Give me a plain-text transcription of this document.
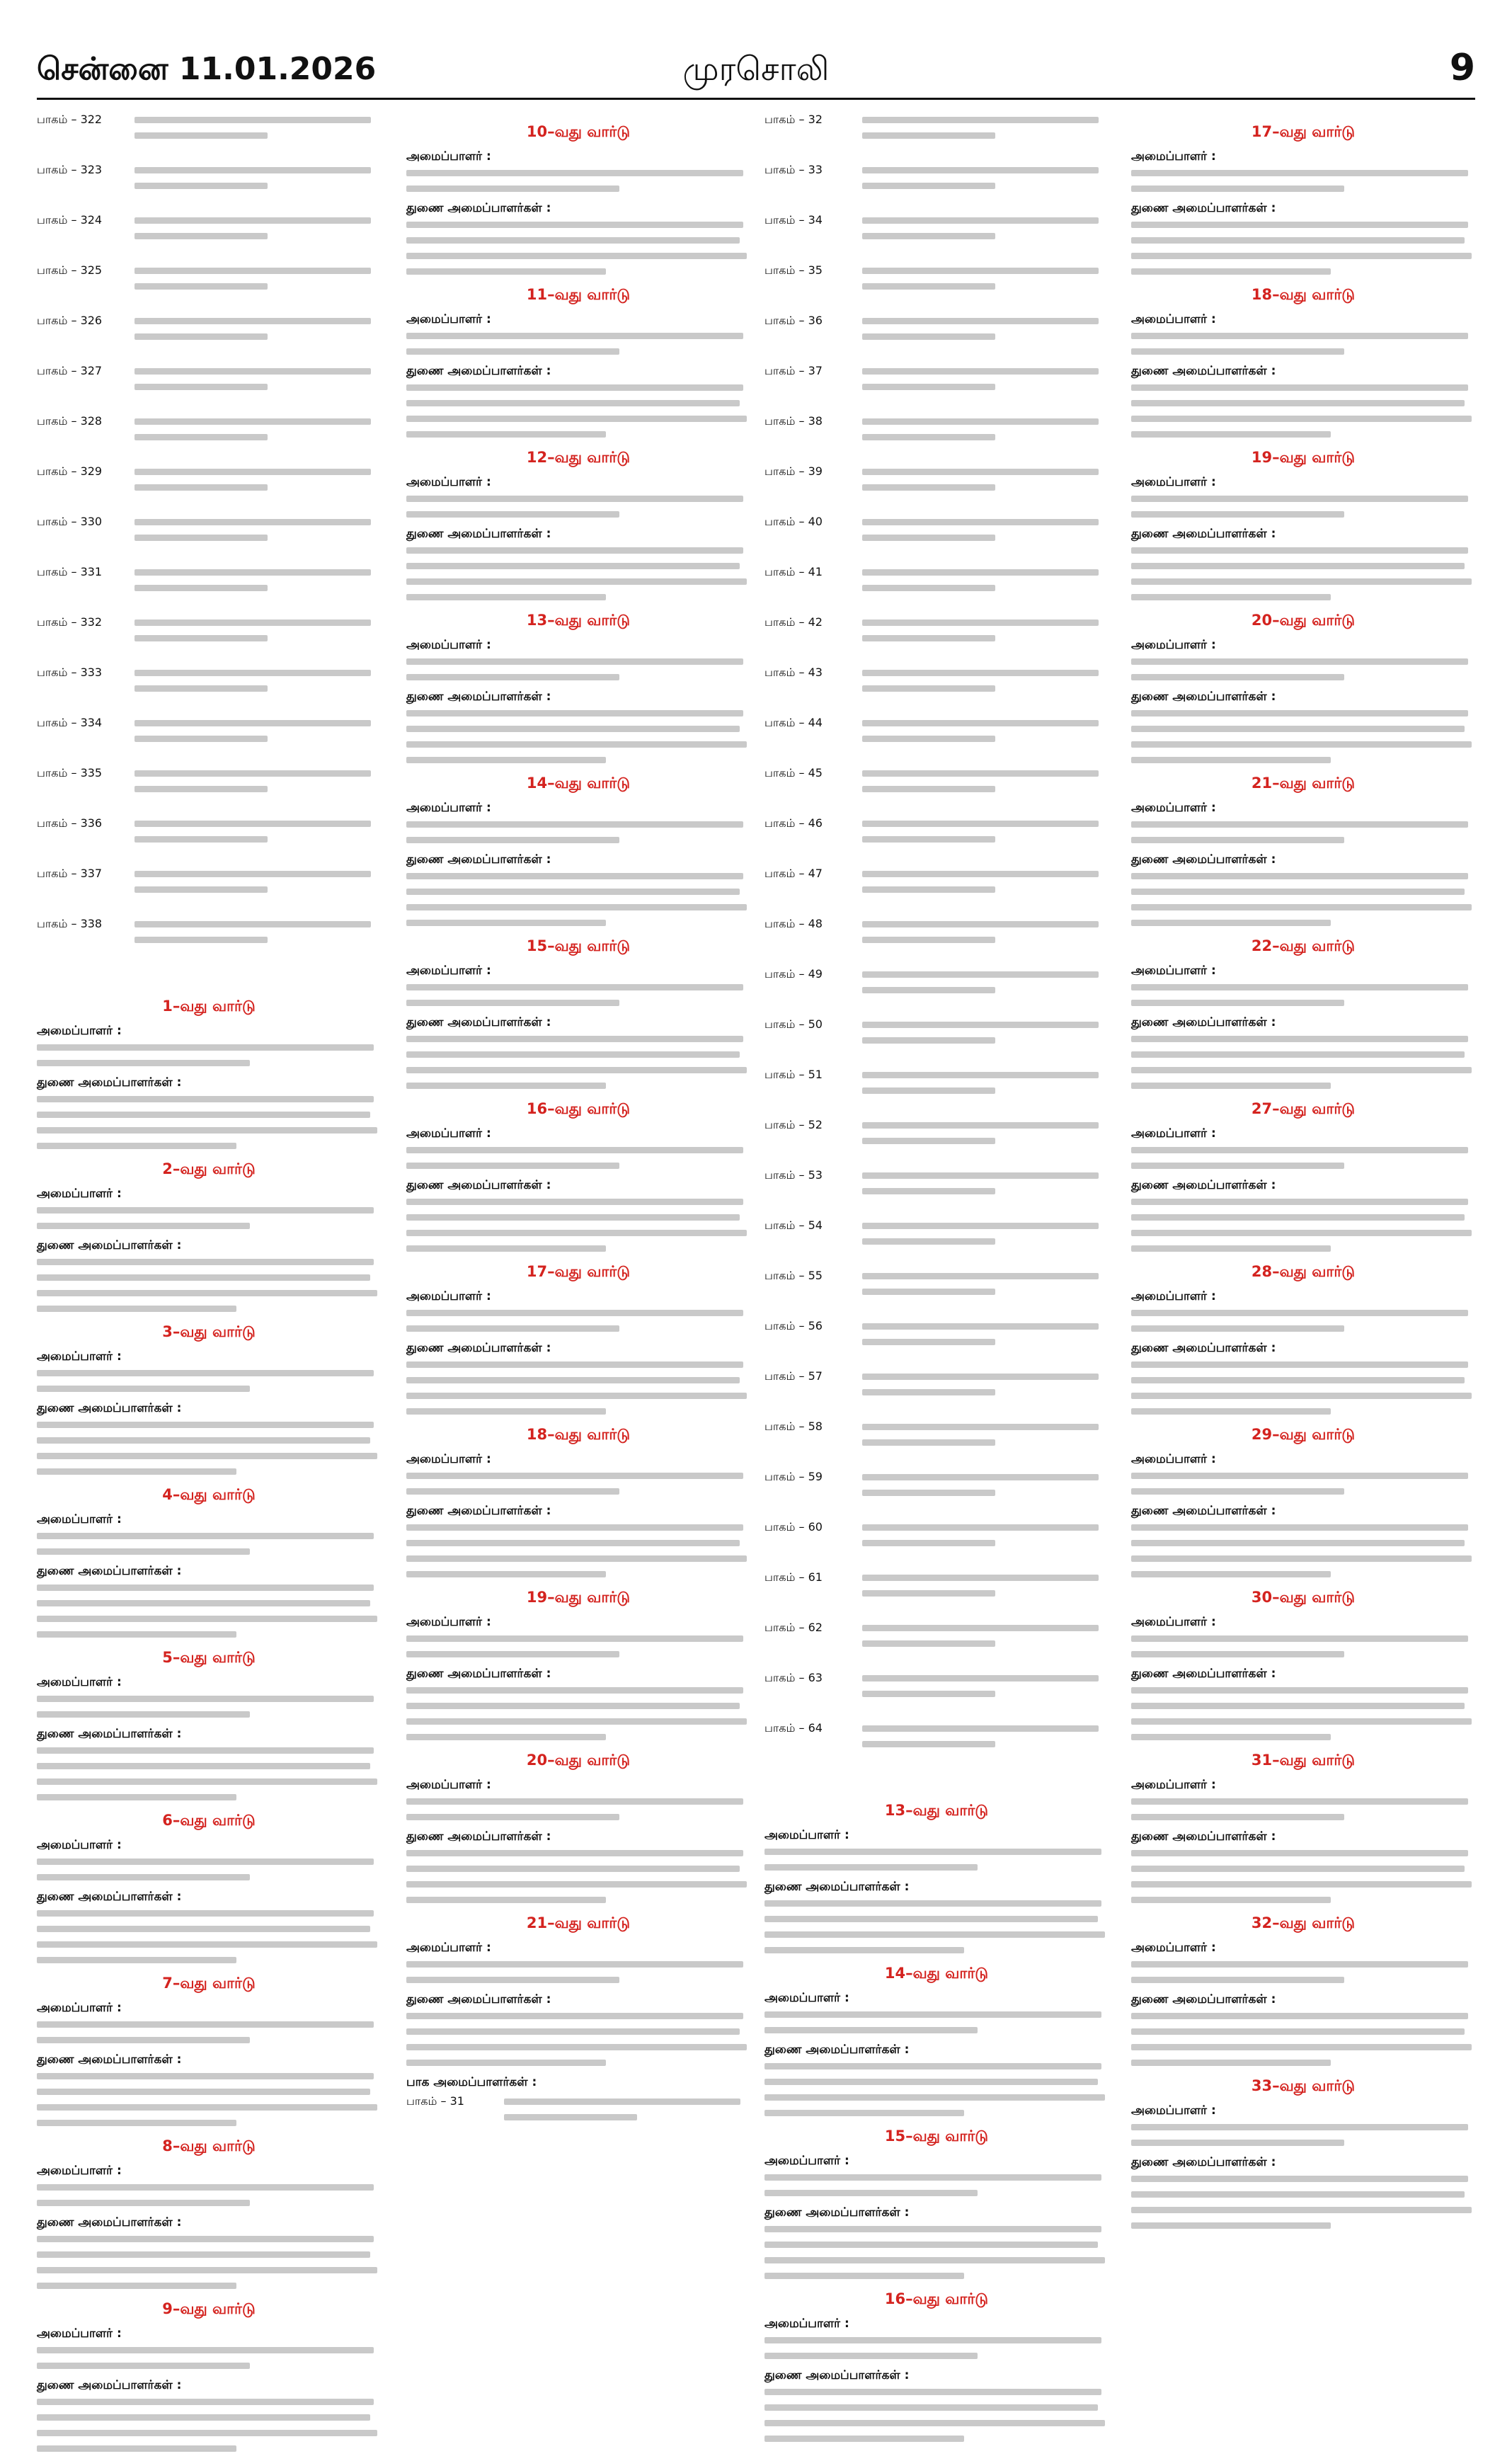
சென்னை 11.01.2026	முரசொலி	9
பாகம் – 322
பாகம் – 323
பாகம் – 324
பாகம் – 325
பாகம் – 326
பாகம் – 327
பாகம் – 328
பாகம் – 329
பாகம் – 330
பாகம் – 331
பாகம் – 332
பாகம் – 333
பாகம் – 334
பாகம் – 335
பாகம் – 336
பாகம் – 337
பாகம் – 338
1–வது வார்டு
அமைப்பாளர் :
துணை அமைப்பாளர்கள் :
2–வது வார்டு
அமைப்பாளர் :
துணை அமைப்பாளர்கள் :
3–வது வார்டு
அமைப்பாளர் :
துணை அமைப்பாளர்கள் :
4–வது வார்டு
அமைப்பாளர் :
துணை அமைப்பாளர்கள் :
5–வது வார்டு
அமைப்பாளர் :
துணை அமைப்பாளர்கள் :
6–வது வார்டு
அமைப்பாளர் :
துணை அமைப்பாளர்கள் :
7–வது வார்டு
அமைப்பாளர் :
துணை அமைப்பாளர்கள் :
8–வது வார்டு
அமைப்பாளர் :
துணை அமைப்பாளர்கள் :
9–வது வார்டு
அமைப்பாளர் :
துணை அமைப்பாளர்கள் :
10–வது வார்டு
அமைப்பாளர் :
துணை அமைப்பாளர்கள் :
11–வது வார்டு
அமைப்பாளர் :
துணை அமைப்பாளர்கள் :
12–வது வார்டு
அமைப்பாளர் :
துணை அமைப்பாளர்கள் :
13–வது வார்டு
அமைப்பாளர் :
துணை அமைப்பாளர்கள் :
14–வது வார்டு
அமைப்பாளர் :
துணை அமைப்பாளர்கள் :
15–வது வார்டு
அமைப்பாளர் :
துணை அமைப்பாளர்கள் :
16–வது வார்டு
அமைப்பாளர் :
துணை அமைப்பாளர்கள் :
17–வது வார்டு
அமைப்பாளர் :
துணை அமைப்பாளர்கள் :
18–வது வார்டு
அமைப்பாளர் :
துணை அமைப்பாளர்கள் :
19–வது வார்டு
அமைப்பாளர் :
துணை அமைப்பாளர்கள் :
20–வது வார்டு
அமைப்பாளர் :
துணை அமைப்பாளர்கள் :
21–வது வார்டு
அமைப்பாளர் :
துணை அமைப்பாளர்கள் :
பாக அமைப்பாளர்கள் :
பாகம் – 31
பாகம் – 32
பாகம் – 33
பாகம் – 34
பாகம் – 35
பாகம் – 36
பாகம் – 37
பாகம் – 38
பாகம் – 39
பாகம் – 40
பாகம் – 41
பாகம் – 42
பாகம் – 43
பாகம் – 44
பாகம் – 45
பாகம் – 46
பாகம் – 47
பாகம் – 48
பாகம் – 49
பாகம் – 50
பாகம் – 51
பாகம் – 52
பாகம் – 53
பாகம் – 54
பாகம் – 55
பாகம் – 56
பாகம் – 57
பாகம் – 58
பாகம் – 59
பாகம் – 60
பாகம் – 61
பாகம் – 62
பாகம் – 63
பாகம் – 64
13–வது வார்டு
அமைப்பாளர் :
துணை அமைப்பாளர்கள் :
14–வது வார்டு
அமைப்பாளர் :
துணை அமைப்பாளர்கள் :
15–வது வார்டு
அமைப்பாளர் :
துணை அமைப்பாளர்கள் :
16–வது வார்டு
அமைப்பாளர் :
துணை அமைப்பாளர்கள் :
17–வது வார்டு
அமைப்பாளர் :
துணை அமைப்பாளர்கள் :
18–வது வார்டு
அமைப்பாளர் :
துணை அமைப்பாளர்கள் :
19–வது வார்டு
அமைப்பாளர் :
துணை அமைப்பாளர்கள் :
20–வது வார்டு
அமைப்பாளர் :
துணை அமைப்பாளர்கள் :
21–வது வார்டு
அமைப்பாளர் :
துணை அமைப்பாளர்கள் :
22–வது வார்டு
அமைப்பாளர் :
துணை அமைப்பாளர்கள் :
27–வது வார்டு
அமைப்பாளர் :
துணை அமைப்பாளர்கள் :
28–வது வார்டு
அமைப்பாளர் :
துணை அமைப்பாளர்கள் :
29–வது வார்டு
அமைப்பாளர் :
துணை அமைப்பாளர்கள் :
30–வது வார்டு
அமைப்பாளர் :
துணை அமைப்பாளர்கள் :
31–வது வார்டு
அமைப்பாளர் :
துணை அமைப்பாளர்கள் :
32–வது வார்டு
அமைப்பாளர் :
துணை அமைப்பாளர்கள் :
33–வது வார்டு
அமைப்பாளர் :
துணை அமைப்பாளர்கள் :
